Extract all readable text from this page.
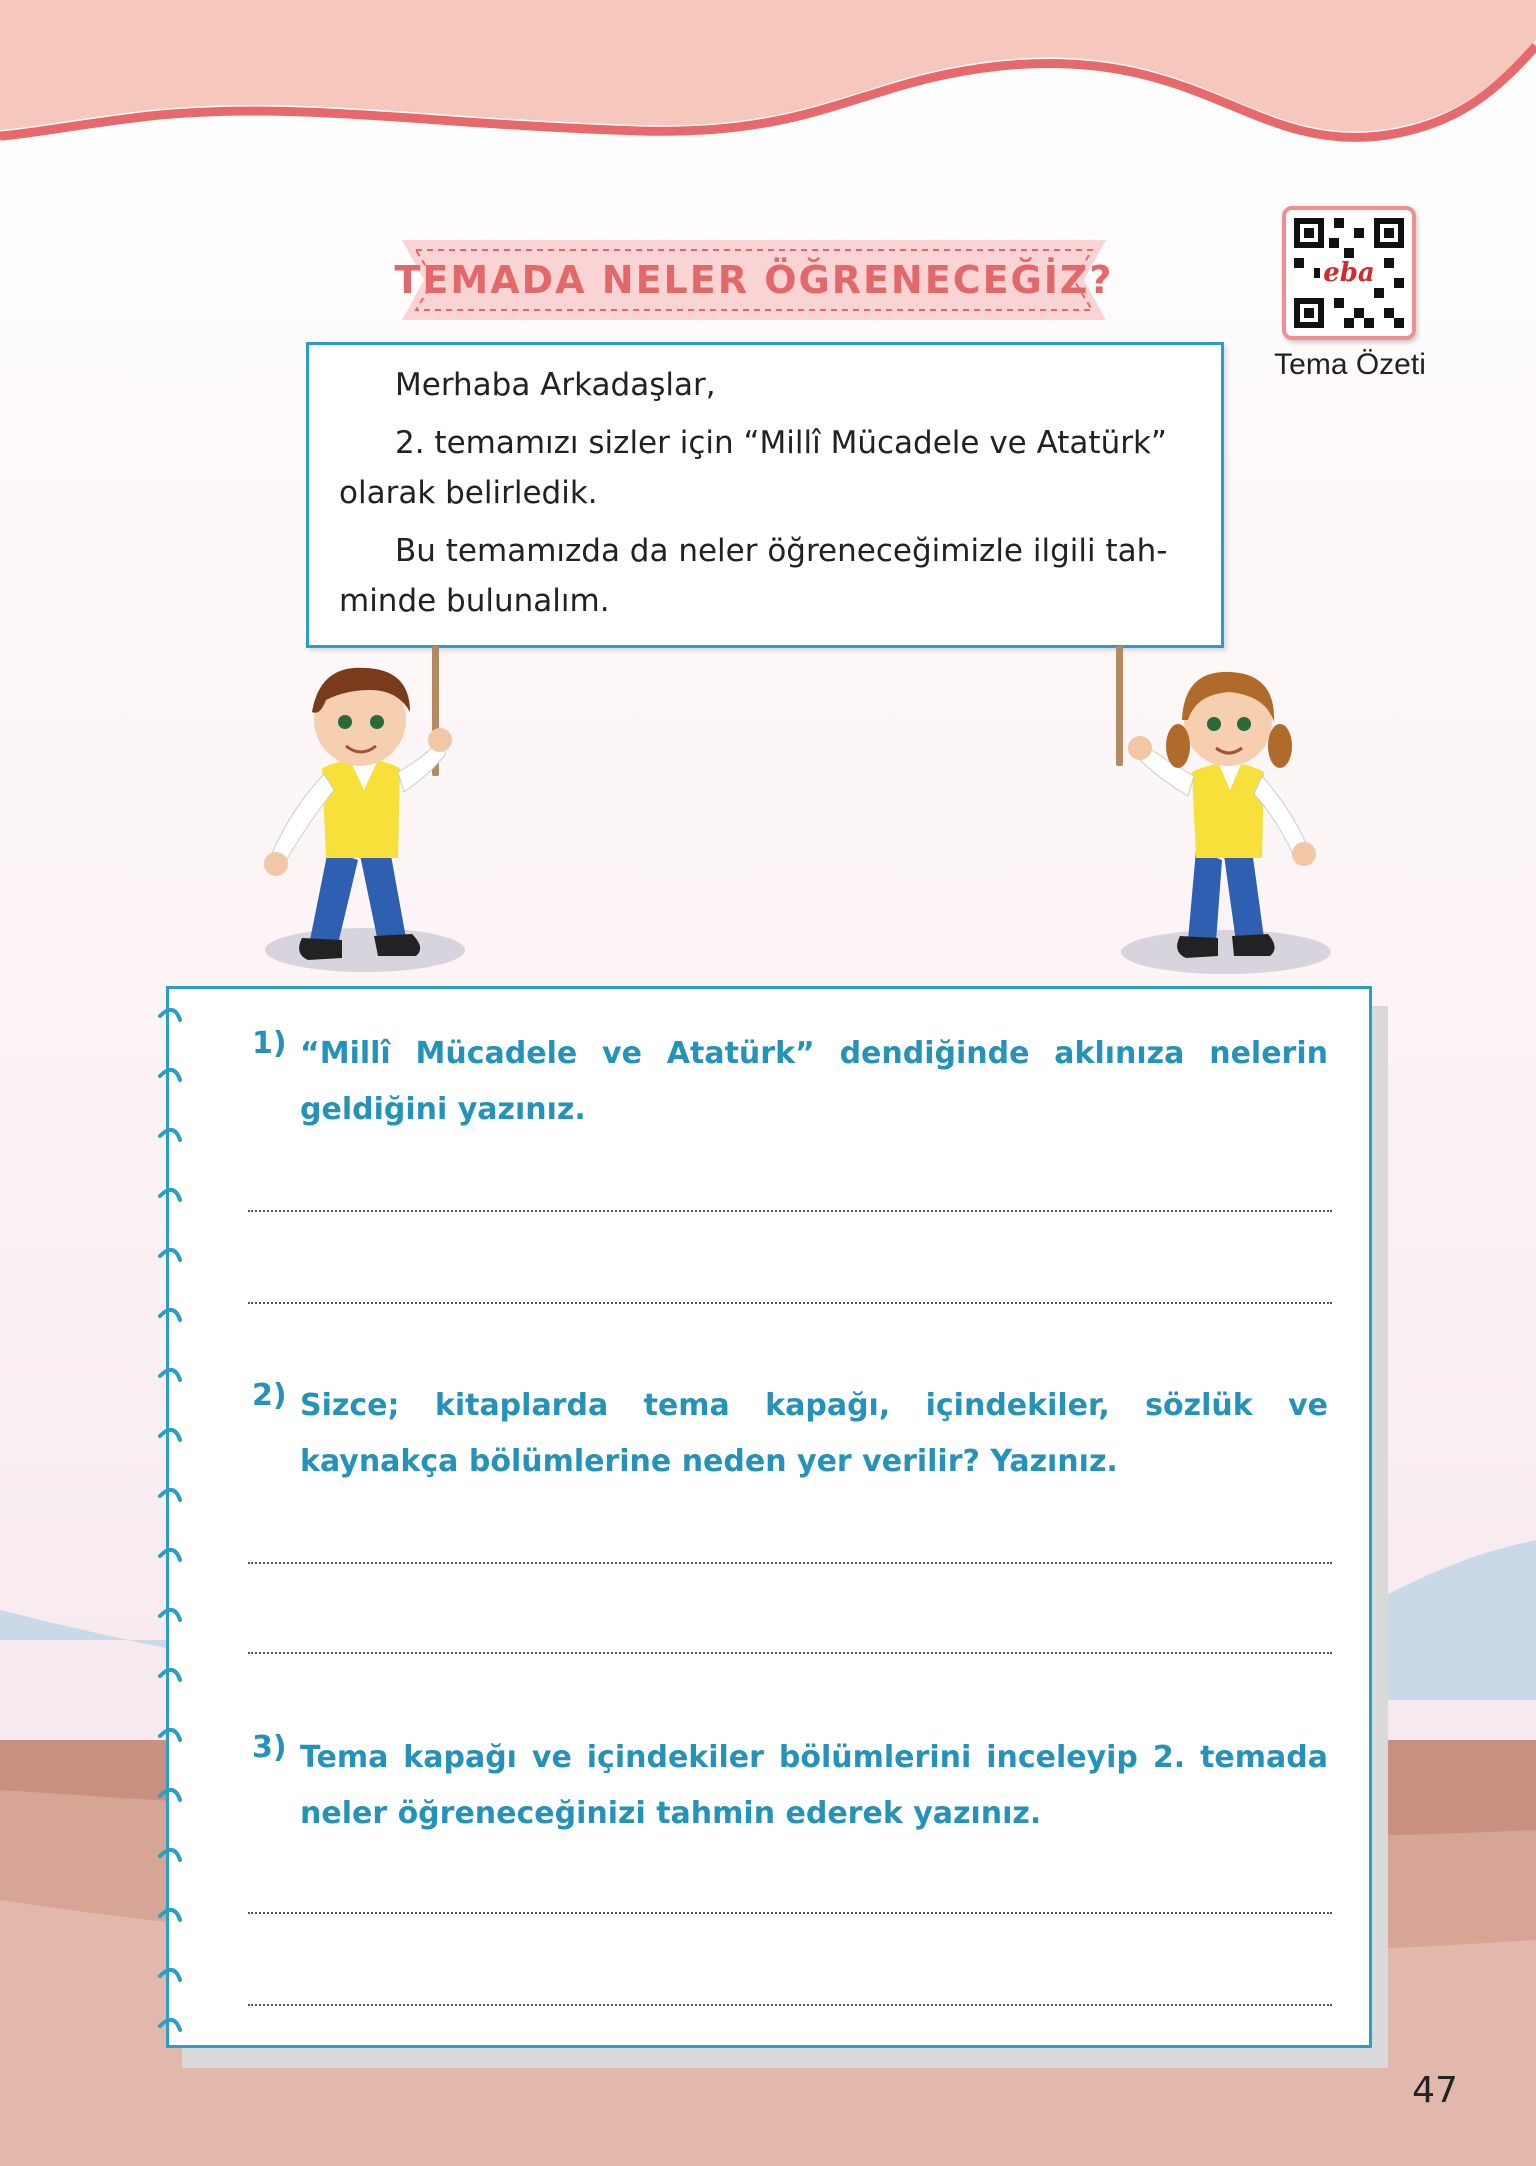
TEMADA NELER ÖĞRENECEĞİZ?	eba
Tema Özeti

Merhaba Arkadaşlar,

2. temamızı sizler için “Millî Mücadele ve Atatürk”

olarak belirledik.

Bu temamızda da neler öğreneceğimizle ilgili tah-

minde bulunalım.

1) “Millî Mücadele ve Atatürk” dendiğinde aklınıza nelerin geldiğini yazınız.
2) Sizce; kitaplarda tema kapağı, içindekiler, sözlük ve kaynakça bölümlerine neden yer verilir? Yazınız.
3) Tema kapağı ve içindekiler bölümlerini inceleyip 2. temada neler öğreneceğinizi tahmin ederek yazınız.
47
